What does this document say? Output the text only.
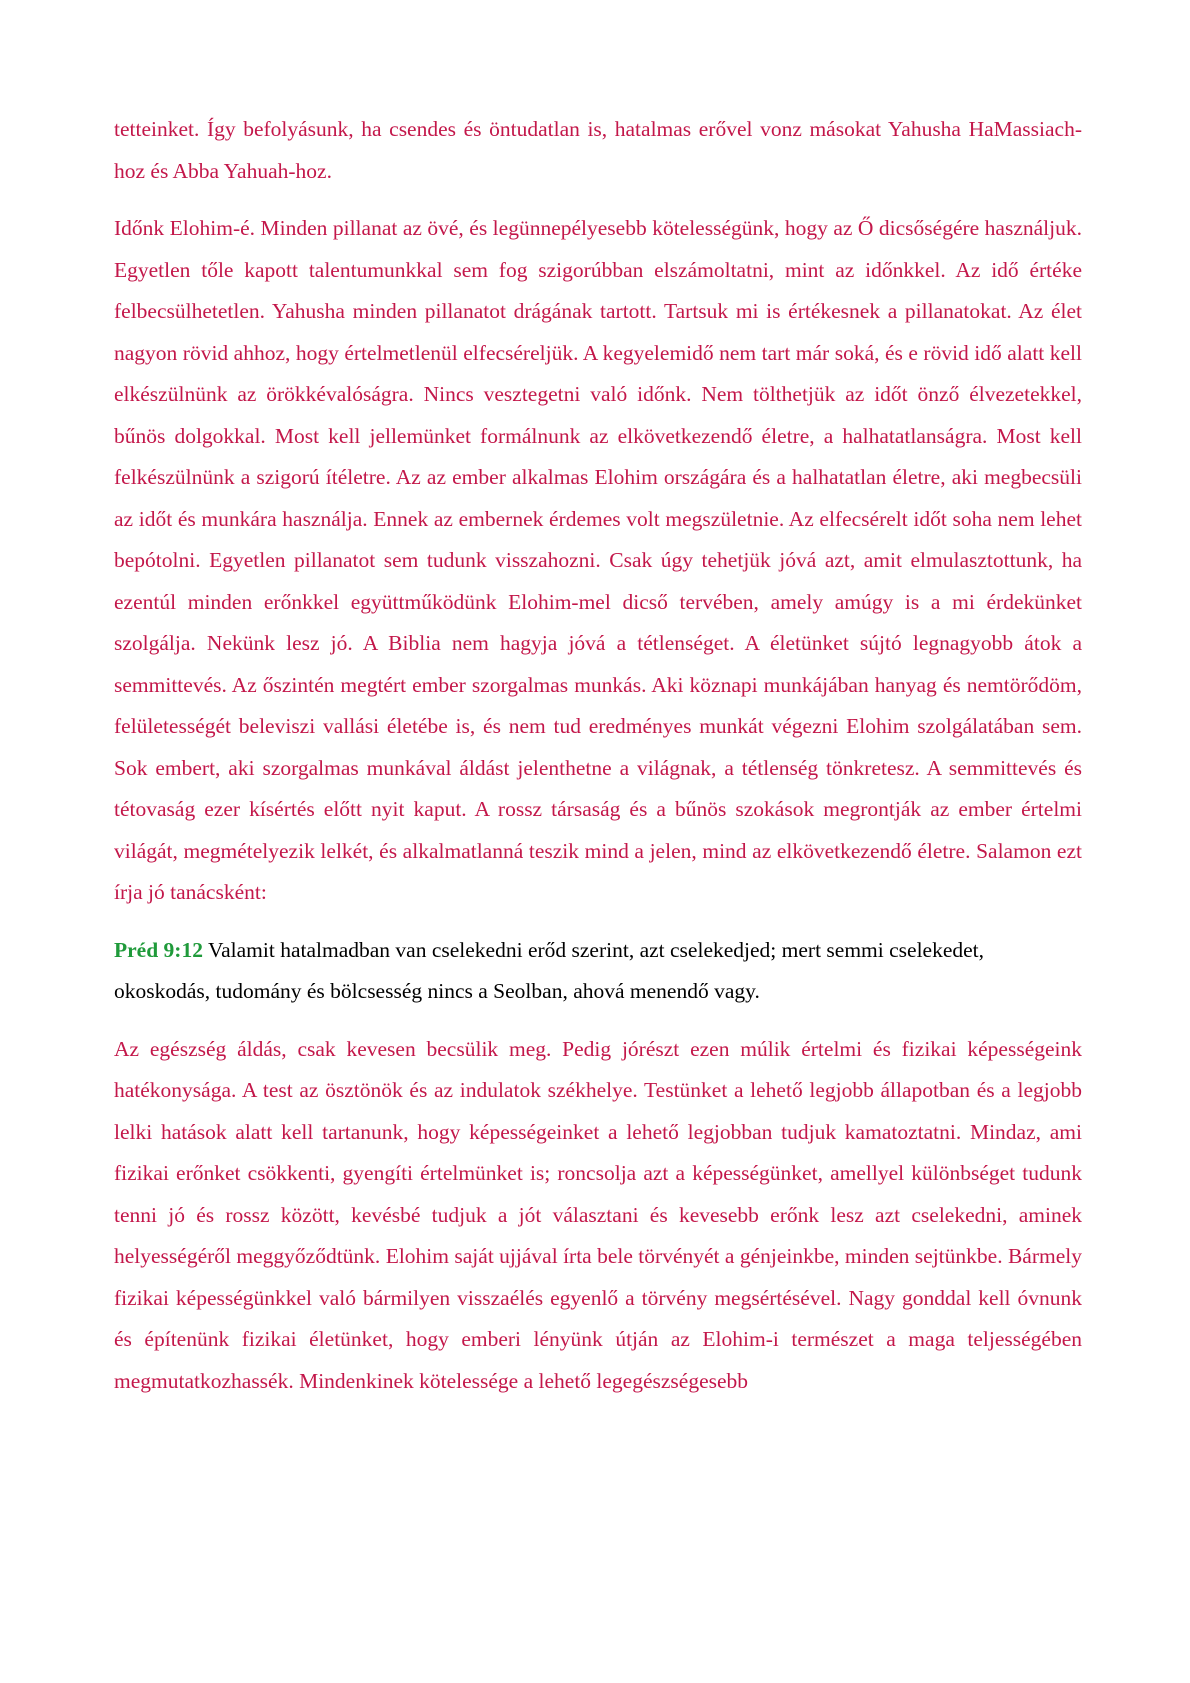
tetteinket. Így befolyásunk, ha csendes és öntudatlan is, hatalmas erővel vonz másokat Yahusha HaMassiach-hoz és Abba Yahuah-hoz.

Időnk Elohim-é. Minden pillanat az övé, és legünnepélyesebb kötelességünk, hogy az Ő dicsőségére használjuk. Egyetlen tőle kapott talentumunkkal sem fog szigorúbban elszámoltatni, mint az időnkkel. Az idő értéke felbecsülhetetlen. Yahusha minden pillanatot drágának tartott. Tartsuk mi is értékesnek a pillanatokat. Az élet nagyon rövid ahhoz, hogy értelmetlenül elfecséreljük. A kegyelemidő nem tart már soká, és e rövid idő alatt kell elkészülnünk az örökkévalóságra. Nincs vesztegetni való időnk. Nem tölthetjük az időt önző élvezetekkel, bűnös dolgokkal. Most kell jellemünket formálnunk az elkövetkezendő életre, a halhatatlanságra. Most kell felkészülnünk a szigorú ítéletre. Az az ember alkalmas Elohim országára és a halhatatlan életre, aki megbecsüli az időt és munkára használja. Ennek az embernek érdemes volt megszületnie. Az elfecsérelt időt soha nem lehet bepótolni. Egyetlen pillanatot sem tudunk visszahozni. Csak úgy tehetjük jóvá azt, amit elmulasztottunk, ha ezentúl minden erőnkkel együttműködünk Elohim-mel dicső tervében, amely amúgy is a mi érdekünket szolgálja. Nekünk lesz jó. A Biblia nem hagyja jóvá a tétlenséget. A életünket sújtó legnagyobb átok a semmittevés. Az őszintén megtért ember szorgalmas munkás. Aki köznapi munkájában hanyag és nemtörődöm, felületességét beleviszi vallási életébe is, és nem tud eredményes munkát végezni Elohim szolgálatában sem. Sok embert, aki szorgalmas munkával áldást jelenthetne a világnak, a tétlenség tönkretesz. A semmittevés és tétovaság ezer kísértés előtt nyit kaput. A rossz társaság és a bűnös szokások megrontják az ember értelmi világát, megmételyezik lelkét, és alkalmatlanná teszik mind a jelen, mind az elkövetkezendő életre. Salamon ezt írja jó tanácsként:

Préd 9:12 Valamit hatalmadban van cselekedni erőd szerint, azt cselekedjed; mert semmi cselekedet, okoskodás, tudomány és bölcsesség nincs a Seolban, ahová menendő vagy.

Az egészség áldás, csak kevesen becsülik meg. Pedig jórészt ezen múlik értelmi és fizikai képességeink hatékonysága. A test az ösztönök és az indulatok székhelye. Testünket a lehető legjobb állapotban és a legjobb lelki hatások alatt kell tartanunk, hogy képességeinket a lehető legjobban tudjuk kamatoztatni. Mindaz, ami fizikai erőnket csökkenti, gyengíti értelmünket is; roncsolja azt a képességünket, amellyel különbséget tudunk tenni jó és rossz között, kevésbé tudjuk a jót választani és kevesebb erőnk lesz azt cselekedni, aminek helyességéről meggyőződtünk. Elohim saját ujjával írta bele törvényét a génjeinkbe, minden sejtünkbe. Bármely fizikai képességünkkel való bármilyen visszaélés egyenlő a törvény megsértésével. Nagy gonddal kell óvnunk és építenünk fizikai életünket, hogy emberi lényünk útján az Elohim-i természet a maga teljességében megmutatkozhassék. Mindenkinek kötelessége a lehető legegészségesebb
